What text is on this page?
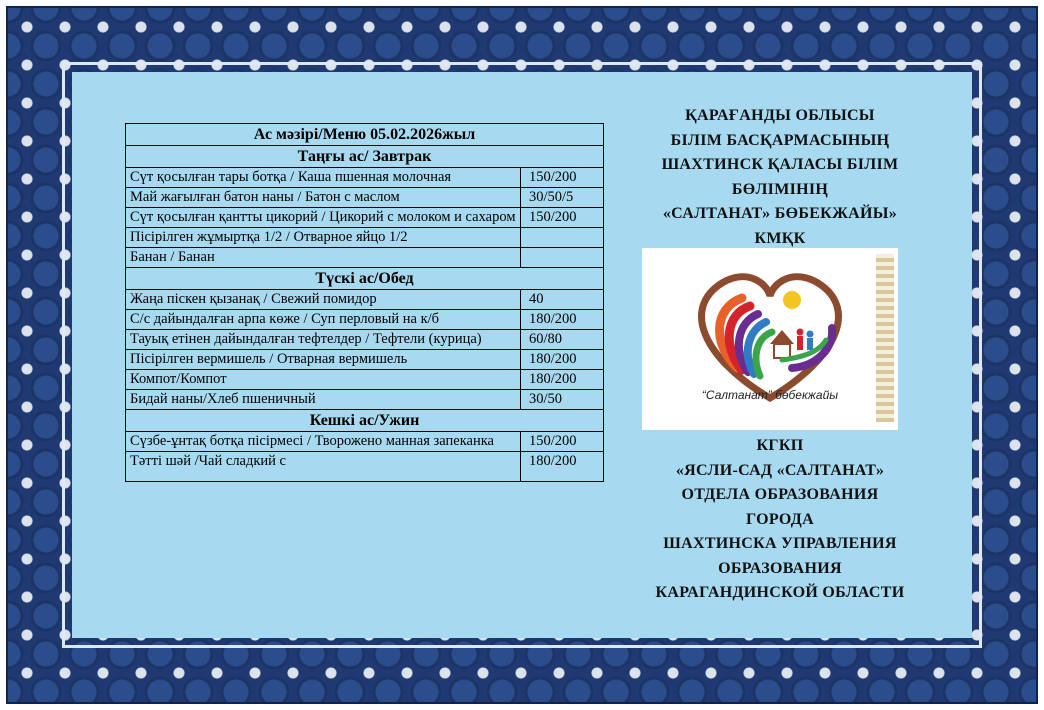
Ас мәзірі/Меню 05.02.2026жыл	
Таңғы ас/ Завтрак	
Сүт қосылған тары ботқа / Каша пшенная молочная	150/200
Май жағылған батон наны / Батон с маслом	30/50/5
Сүт қосылған қантты цикорий / Цикорий с молоком и сахаром	150/200
Пісірілген жұмыртқа 1/2 / Отварное яйцо 1/2	
Банан / Банан	
Түскі ас/Обед	
Жаңа піскен қызанақ / Свежий помидор	40
С/с дайындалған арпа көже / Суп перловый на к/б	180/200
Тауық етінен дайындалған тефтелдер / Тефтели (курица)	60/80
Пісірілген вермишель / Отварная вермишель	180/200
Компот/Компот	180/200
Бидай наны/Хлеб пшеничный	30/50
Кешкі ас/Ужин	
Сүзбе-ұнтақ ботқа пісірмесі / Творожено манная запеканка	150/200
Тәтті шәй /Чай сладкий с	180/200
ҚАРАҒАНДЫ ОБЛЫСЫ
БІЛІМ БАСҚАРМАСЫНЫҢ
ШАХТИНСК ҚАЛАСЫ БІЛІМ
БӨЛІМІНІҢ
«САЛТАНАТ» БӨБЕКЖАЙЫ»
КМҚК
“Салтанат” бөбекжайы
КГКП
«ЯСЛИ-САД «САЛТАНАТ»
ОТДЕЛА ОБРАЗОВАНИЯ
ГОРОДА
ШАХТИНСКА УПРАВЛЕНИЯ
ОБРАЗОВАНИЯ
КАРАГАНДИНСКОЙ ОБЛАСТИ
